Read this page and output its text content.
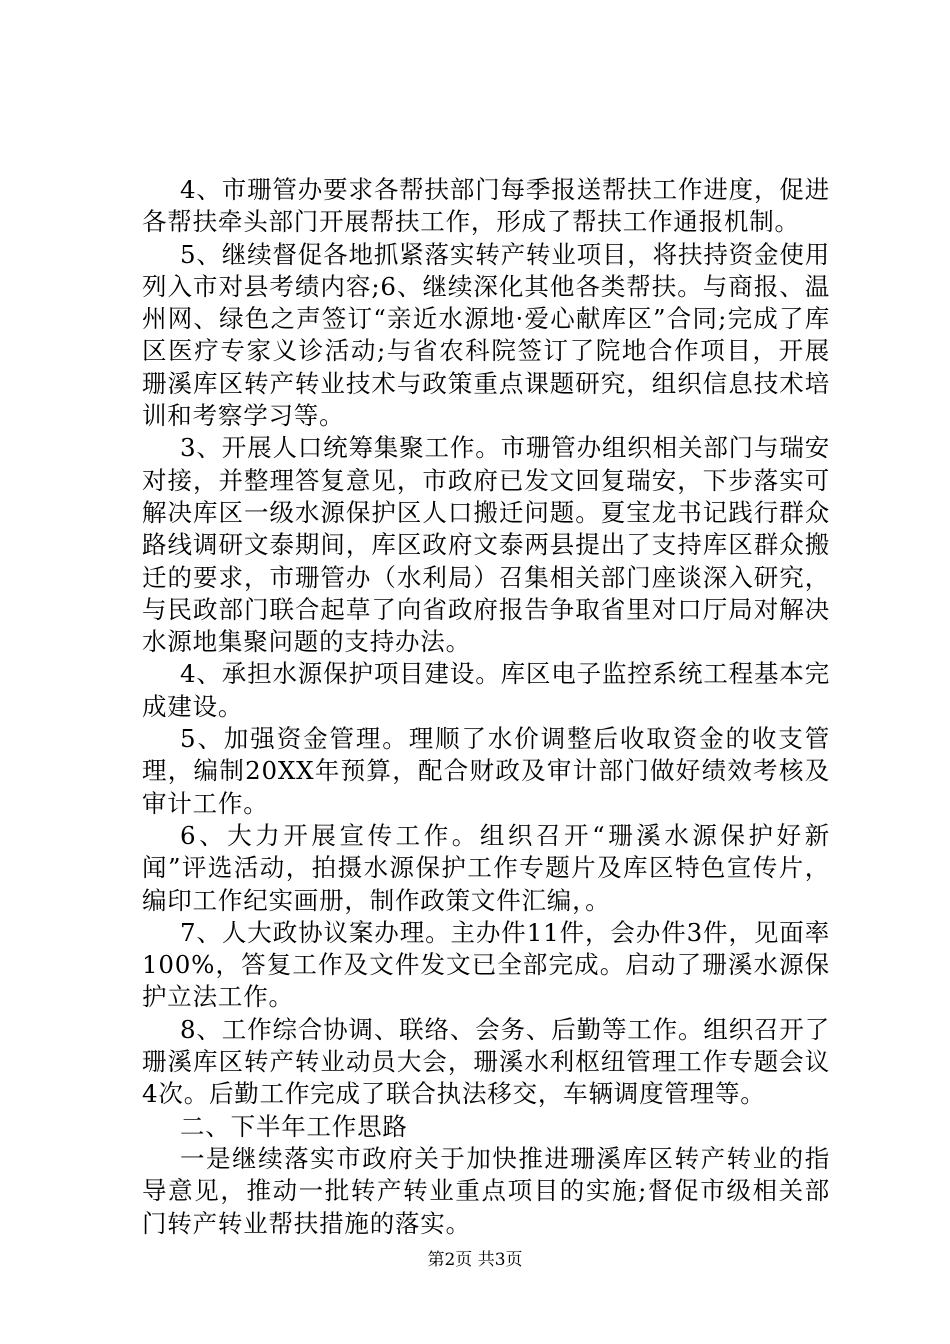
4、市珊管办要求各帮扶部门每季报送帮扶工作进度，促进各帮扶牵头部门开展帮扶工作，形成了帮扶工作通报机制。

5、继续督促各地抓紧落实转产转业项目，将扶持资金使用列入市对县考绩内容;6、继续深化其他各类帮扶。与商报、温州网、绿色之声签订“亲近水源地·爱心献库区”合同;完成了库区医疗专家义诊活动;与省农科院签订了院地合作项目，开展珊溪库区转产转业技术与政策重点课题研究，组织信息技术培训和考察学习等。

3、开展人口统筹集聚工作。市珊管办组织相关部门与瑞安对接，并整理答复意见，市政府已发文回复瑞安，下步落实可解决库区一级水源保护区人口搬迁问题。夏宝龙书记践行群众路线调研文泰期间，库区政府文泰两县提出了支持库区群众搬迁的要求，市珊管办（水利局）召集相关部门座谈深入研究，与民政部门联合起草了向省政府报告争取省里对口厅局对解决水源地集聚问题的支持办法。

4、承担水源保护项目建设。库区电子监控系统工程基本完成建设。

5、加强资金管理。理顺了水价调整后收取资金的收支管理，编制20XX年预算，配合财政及审计部门做好绩效考核及审计工作。

6、大力开展宣传工作。组织召开“珊溪水源保护好新闻”评选活动，拍摄水源保护工作专题片及库区特色宣传片，编印工作纪实画册，制作政策文件汇编，。

7、人大政协议案办理。主办件11件，会办件3件，见面率100%，答复工作及文件发文已全部完成。启动了珊溪水源保护立法工作。

8、工作综合协调、联络、会务、后勤等工作。组织召开了珊溪库区转产转业动员大会，珊溪水利枢纽管理工作专题会议4次。后勤工作完成了联合执法移交，车辆调度管理等。

二、下半年工作思路

一是继续落实市政府关于加快推进珊溪库区转产转业的指导意见，推动一批转产转业重点项目的实施;督促市级相关部门转产转业帮扶措施的落实。

第2页 共3页
